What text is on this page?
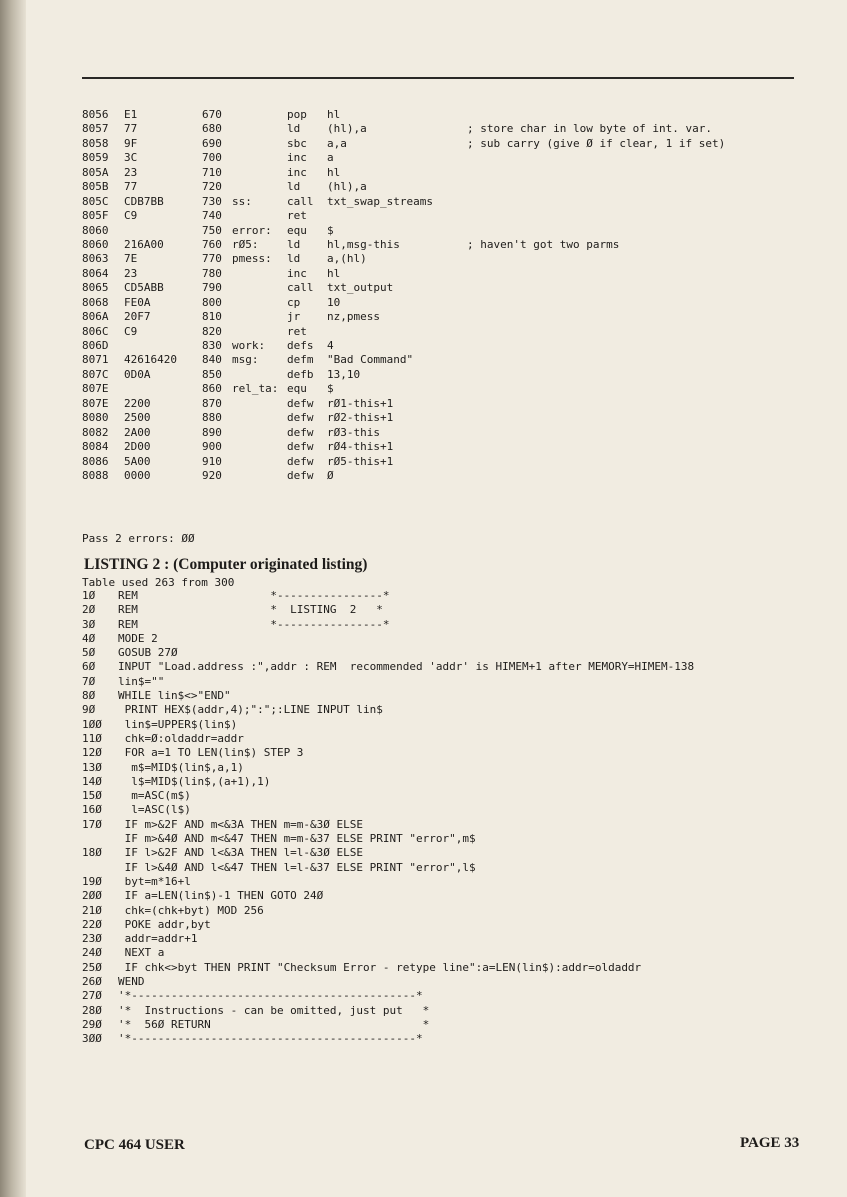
8056 E1	670	pop hl
8057 77	680	ld (hl),a	; store char in low byte of int. var.
8058 9F	690	sbc a,a	; sub carry (give Ø if clear, 1 if set)
8059 3C	700	inc a
805A 23	710	inc hl
805B 77	720	ld (hl),a
805C CDB7BB	730 ss:	call txt_swap_streams
805F C9	740	ret
8060	750 error: equ $
8060 216A00	760 rØ5:	ld hl,msg-this	; haven't got two parms
8063 7E	770 pmess: ld a,(hl)
8064 23	780	inc hl
8065 CD5ABB	790	call txt_output
8068 FE0A	800	cp 10
806A 20F7	810	jr nz,pmess
806C C9	820	ret
806D	830 work: defs 4
8071 42616420 840 msg:	defm "Bad Command"
807C 0D0A	850	defb 13,10
807E	860 rel_ta: equ $
807E 2200	870	defw rØ1-this+1
8080 2500	880	defw rØ2-this+1
8082 2A00	890	defw rØ3-this
8084 2D00	900	defw rØ4-this+1
8086 5A00	910	defw rØ5-this+1
8088 0000	920	defw Ø

Pass 2 errors: ØØ

Table used 263 from 300

LISTING 2 : (Computer originated listing)
1Ø REM                    *----------------*
2Ø REM                    *  LISTING  2   *
3Ø REM                    *----------------*
4Ø MODE 2
5Ø GOSUB 27Ø
6Ø INPUT "Load.address :",addr : REM  recommended 'addr' is HIMEM+1 after MEMORY=HIMEM-138
7Ø lin$=""
8Ø WHILE lin$<>"END"
9Ø PRINT HEX$(addr,4);":";:LINE INPUT lin$
1ØØ lin$=UPPER$(lin$)
11Ø chk=Ø:oldaddr=addr
12Ø FOR a=1 TO LEN(lin$) STEP 3
13Ø m$=MID$(lin$,a,1)
14Ø l$=MID$(lin$,(a+1),1)
15Ø m=ASC(m$)
16Ø l=ASC(l$)
17Ø IF m>&2F AND m<&3A THEN m=m-&3Ø ELSE
IF m>&4Ø AND m<&47 THEN m=m-&37 ELSE PRINT "error",m$
18Ø IF l>&2F AND l<&3A THEN l=l-&3Ø ELSE
IF l>&4Ø AND l<&47 THEN l=l-&37 ELSE PRINT "error",l$
19Ø byt=m*16+l
2ØØ IF a=LEN(lin$)-1 THEN GOTO 24Ø
21Ø chk=(chk+byt) MOD 256
22Ø POKE addr,byt
23Ø addr=addr+1
24Ø NEXT a
25Ø IF chk<>byt THEN PRINT "Checksum Error - retype line":a=LEN(lin$):addr=oldaddr
26Ø WEND
27Ø '*-------------------------------------------*
28Ø '*  Instructions - can be omitted, just put   *
29Ø '*  56Ø RETURN                                *
3ØØ '*-------------------------------------------*
CPC 464 USER	PAGE 33
